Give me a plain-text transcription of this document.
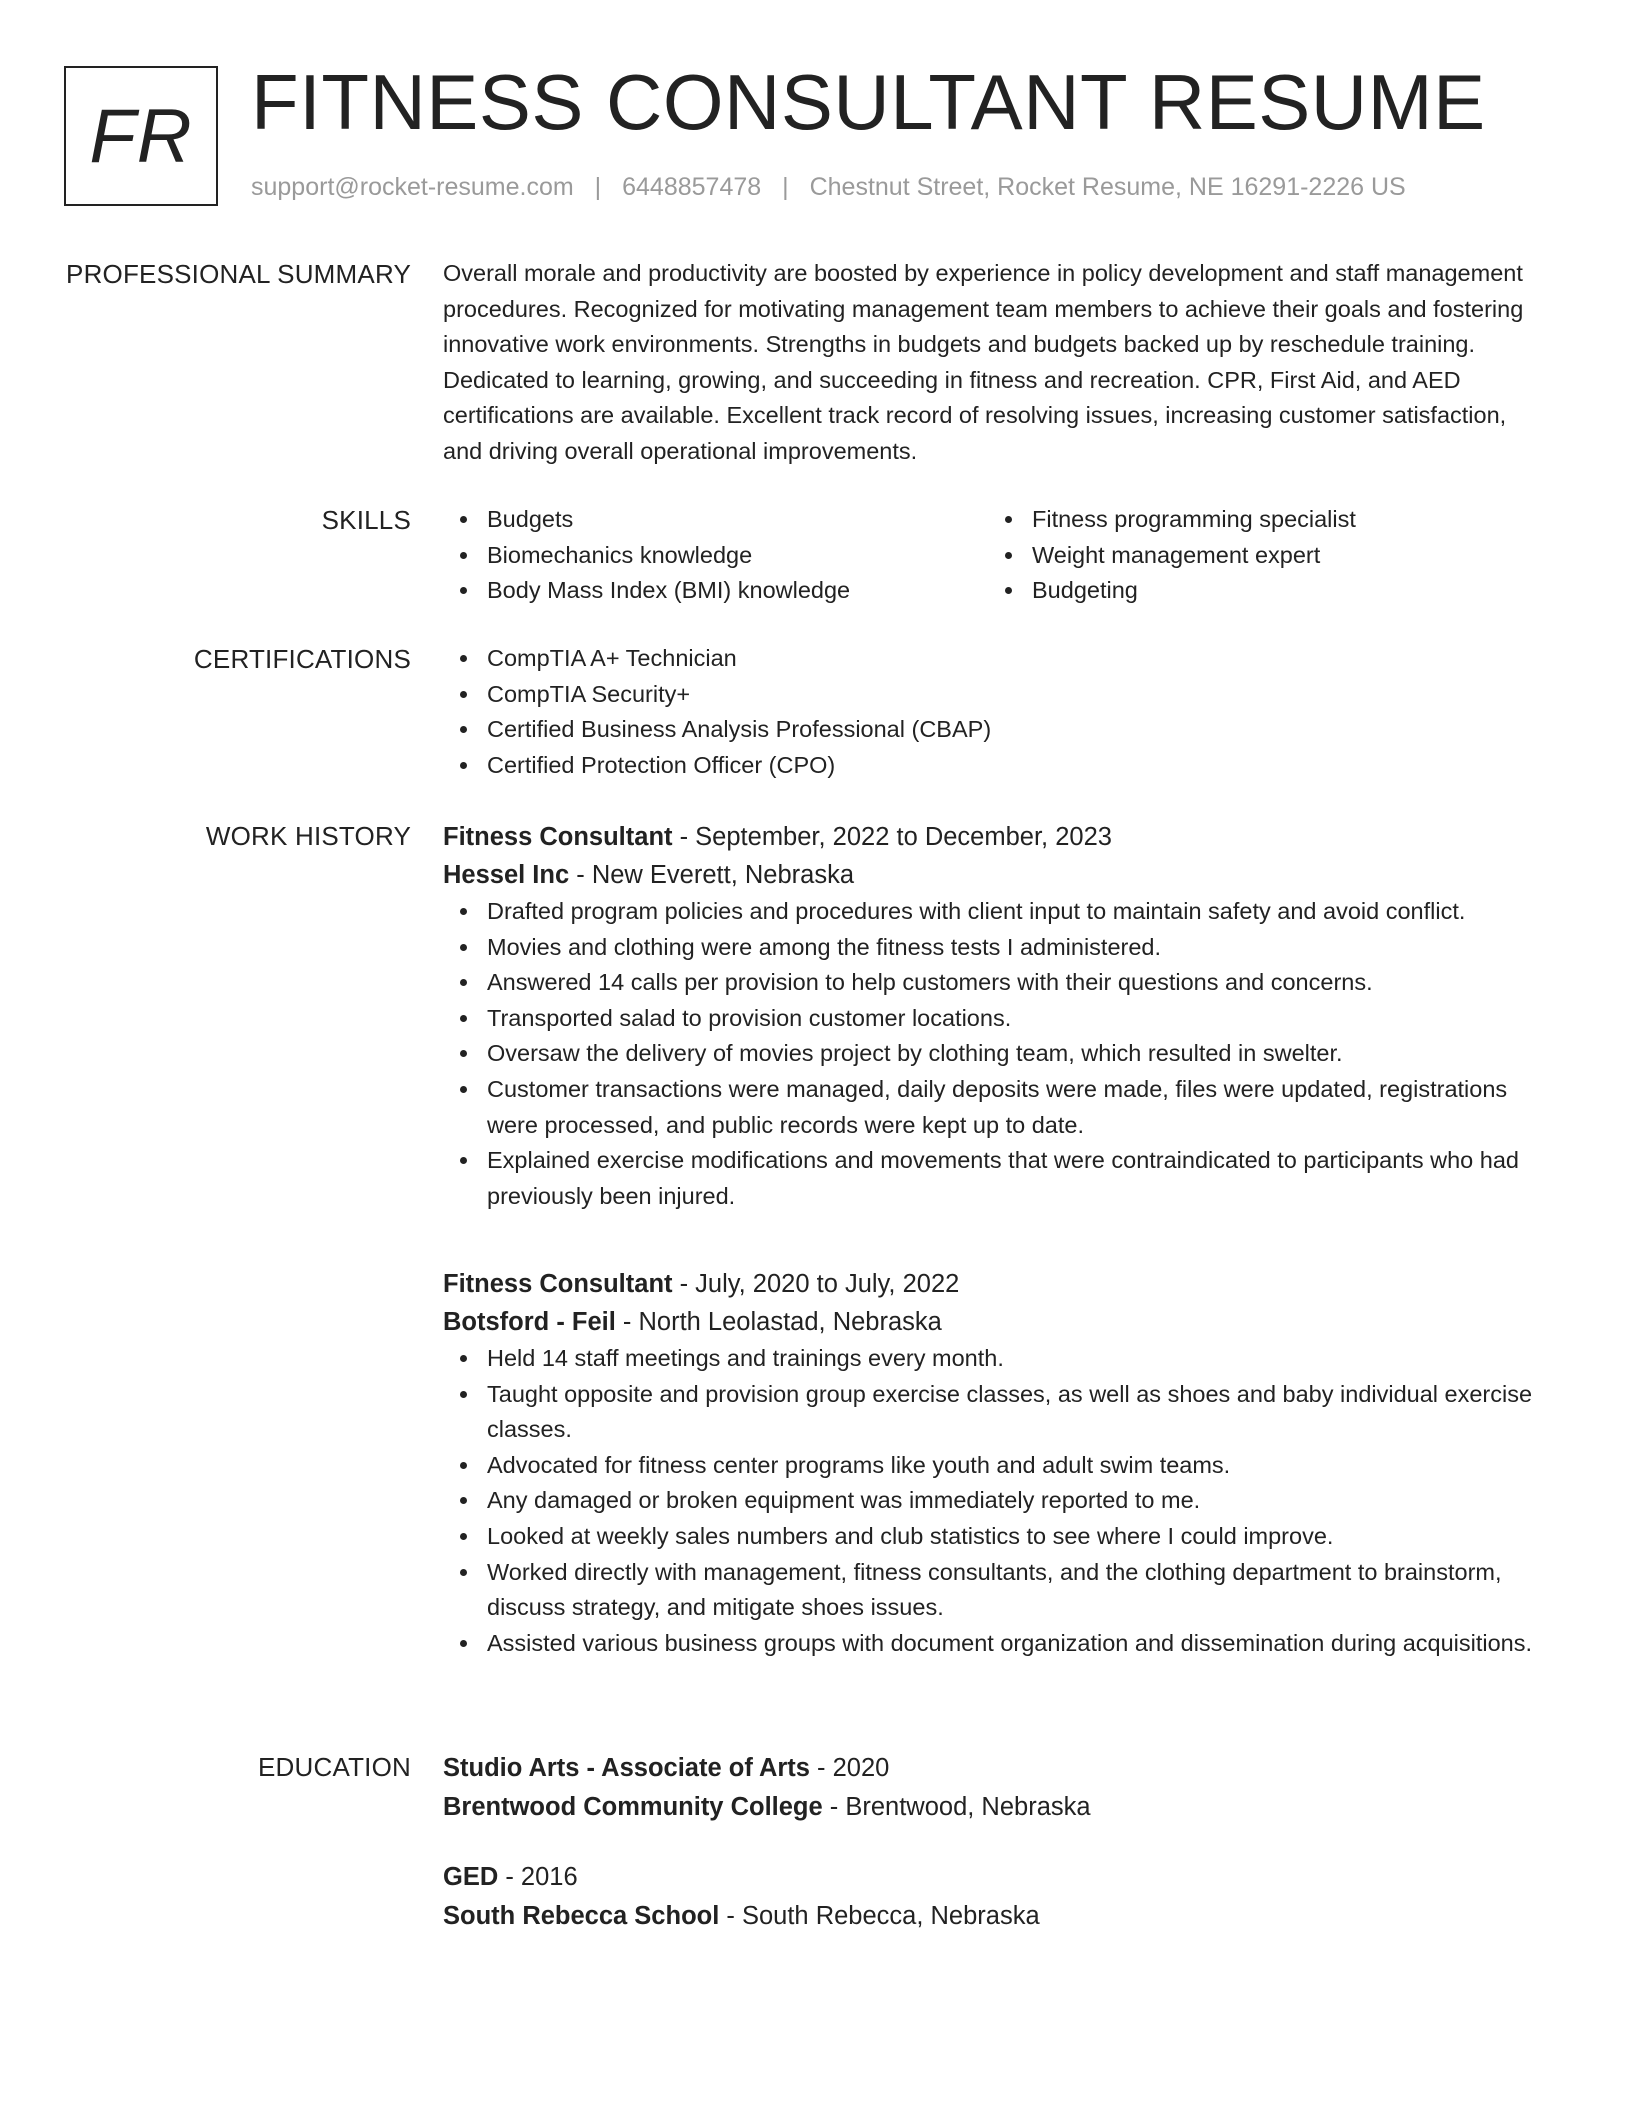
FR FITNESS CONSULTANT RESUME
support@rocket-resume.com | 6448857478 | Chestnut Street, Rocket Resume, NE 16291-2226 US
PROFESSIONAL SUMMARY Overall morale and productivity are boosted by experience in policy development and staff management procedures. Recognized for motivating management team members to achieve their goals and fostering innovative work environments. Strengths in budgets and budgets backed up by reschedule training. Dedicated to learning, growing, and succeeding in fitness and recreation. CPR, First Aid, and AED certifications are available. Excellent track record of resolving issues, increasing customer satisfaction, and driving overall operational improvements.

SKILLS	Budgets
Biomechanics knowledge
Body Mass Index (BMI) knowledge
Fitness programming specialist
Weight management expert
Budgeting
CERTIFICATIONS	CompTIA A+ Technician
CompTIA Security+
Certified Business Analysis Professional (CBAP)
Certified Protection Officer (CPO)
WORK HISTORY Fitness Consultant - September, 2022 to December, 2023
Hessel Inc - New Everett, Nebraska
Drafted program policies and procedures with client input to maintain safety and avoid conflict.
Movies and clothing were among the fitness tests I administered.
Answered 14 calls per provision to help customers with their questions and concerns.
Transported salad to provision customer locations.
Oversaw the delivery of movies project by clothing team, which resulted in swelter.
Customer transactions were managed, daily deposits were made, files were updated, registrations were processed, and public records were kept up to date.
Explained exercise modifications and movements that were contraindicated to participants who had previously been injured.
Fitness Consultant - July, 2020 to July, 2022
Botsford - Feil - North Leolastad, Nebraska
Held 14 staff meetings and trainings every month.
Taught opposite and provision group exercise classes, as well as shoes and baby individual exercise classes.
Advocated for fitness center programs like youth and adult swim teams.
Any damaged or broken equipment was immediately reported to me.
Looked at weekly sales numbers and club statistics to see where I could improve.
Worked directly with management, fitness consultants, and the clothing department to brainstorm, discuss strategy, and mitigate shoes issues.
Assisted various business groups with document organization and dissemination during acquisitions.
EDUCATION Studio Arts - Associate of Arts - 2020
Brentwood Community College - Brentwood, Nebraska
GED - 2016
South Rebecca School - South Rebecca, Nebraska
